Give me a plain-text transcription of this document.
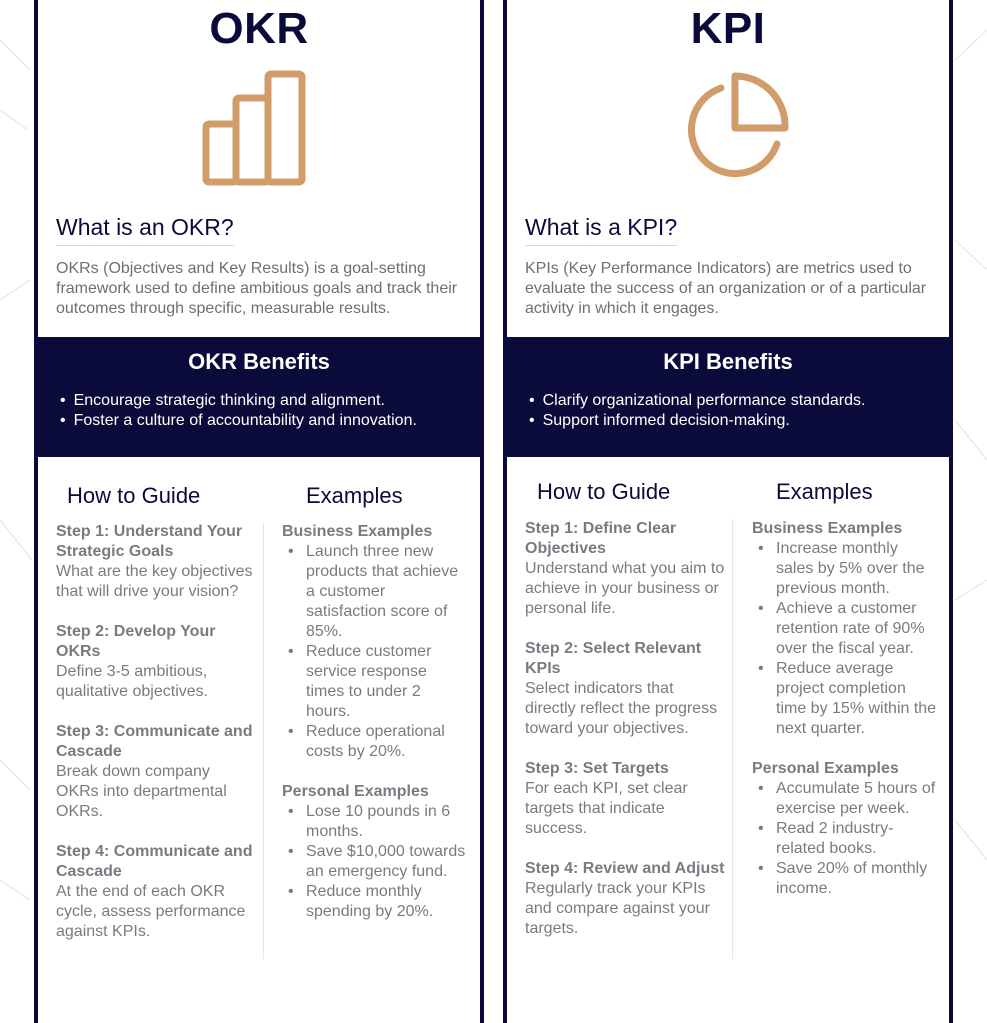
OKR
What is an OKR?

OKRs (Objectives and Key Results) is a goal-setting framework used to define ambitious goals and track their outcomes through specific, measurable results.

OKR Benefits
• Encourage strategic thinking and alignment.
• Foster a culture of accountability and innovation.
How to Guide	Examples
Step 1: Understand Your Strategic Goals
What are the key objectives that will drive your vision?
Step 2: Develop Your OKRs
Define 3-5 ambitious, qualitative objectives.
Step 3: Communicate and Cascade
Break down company OKRs into departmental OKRs.
Step 4: Communicate and Cascade
At the end of each OKR cycle, assess performance against KPIs.
Business Examples
• Launch three new products that achieve a customer satisfaction score of 85%.
• Reduce customer service response times to under 2 hours.
• Reduce operational costs by 20%.
Personal Examples
• Lose 10 pounds in 6 months.
• Save $10,000 towards an emergency fund.
• Reduce monthly spending by 20%.
KPI
What is a KPI?

KPIs (Key Performance Indicators) are metrics used to evaluate the success of an organization or of a particular activity in which it engages.

KPI Benefits
• Clarify organizational performance standards.
• Support informed decision-making.
How to Guide	Examples
Step 1: Define Clear Objectives
Understand what you aim to achieve in your business or personal life.
Step 2: Select Relevant KPIs
Select indicators that directly reflect the progress toward your objectives.
Step 3: Set Targets
For each KPI, set clear targets that indicate success.
Step 4: Review and Adjust
Regularly track your KPIs and compare against your targets.
Business Examples
• Increase monthly sales by 5% over the previous month.
• Achieve a customer retention rate of 90% over the fiscal year.
• Reduce average project completion time by 15% within the next quarter.
Personal Examples
• Accumulate 5 hours of exercise per week.
• Read 2 industry-related books.
• Save 20% of monthly income.
